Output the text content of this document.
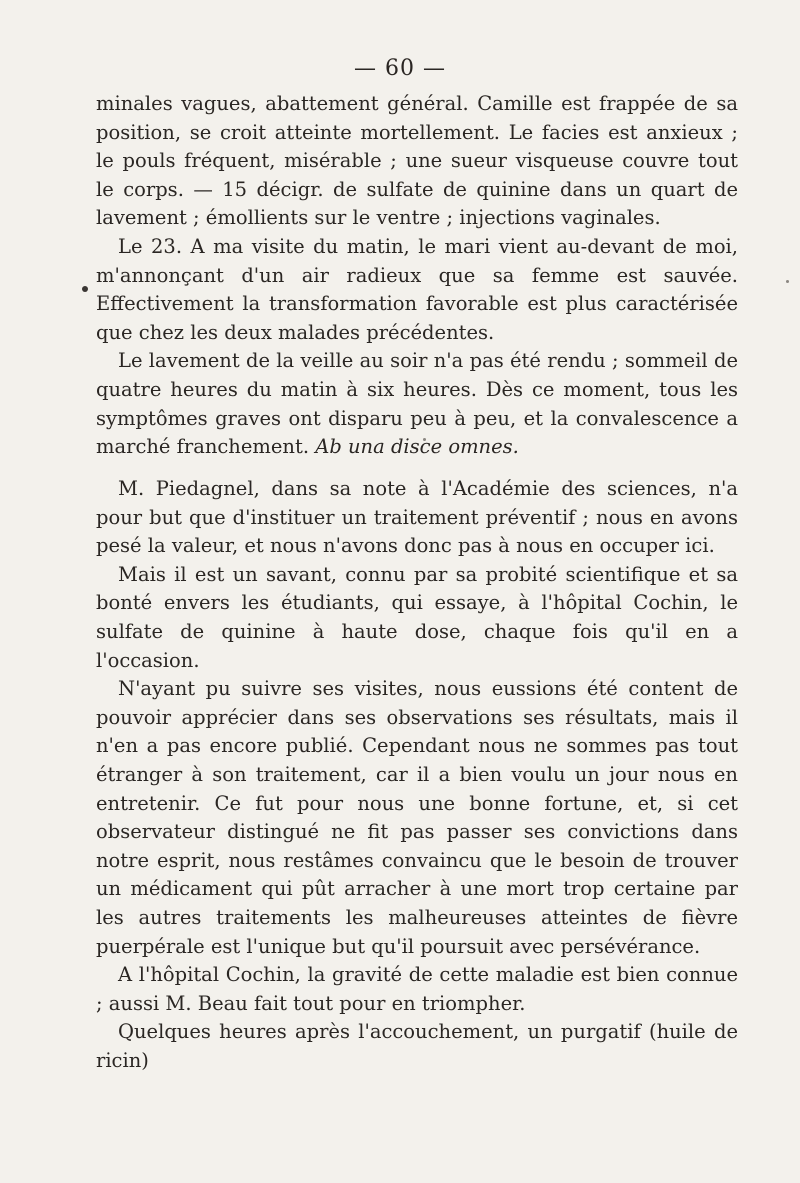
— 60 —

minales vagues, abattement général. Camille est frappée de sa position, se croit atteinte mortellement. Le facies est anxieux ; le pouls fréquent, misérable ; une sueur visqueuse couvre tout le corps. — 15 décigr. de sulfate de quinine dans un quart de lavement ; émollients sur le ventre ; injections vaginales.

Le 23. A ma visite du matin, le mari vient au-devant de moi, m'annonçant d'un air radieux que sa femme est sauvée. Effectivement la transformation favorable est plus caractérisée que chez les deux malades précédentes.

Le lavement de la veille au soir n'a pas été rendu ; sommeil de quatre heures du matin à six heures. Dès ce moment, tous les symptômes graves ont disparu peu à peu, et la convalescence a marché franchement. Ab una disce omnes.

M. Piedagnel, dans sa note à l'Académie des sciences, n'a pour but que d'instituer un traitement préventif ; nous en avons pesé la valeur, et nous n'avons donc pas à nous en occuper ici.

Mais il est un savant, connu par sa probité scientifique et sa bonté envers les étudiants, qui essaye, à l'hôpital Cochin, le sulfate de quinine à haute dose, chaque fois qu'il en a l'occasion.

N'ayant pu suivre ses visites, nous eussions été content de pouvoir apprécier dans ses observations ses résultats, mais il n'en a pas encore publié. Cependant nous ne sommes pas tout étranger à son traitement, car il a bien voulu un jour nous en entretenir. Ce fut pour nous une bonne fortune, et, si cet observateur distingué ne fit pas passer ses convictions dans notre esprit, nous restâmes convaincu que le besoin de trouver un médicament qui pût arracher à une mort trop certaine par les autres traitements les malheureuses atteintes de fièvre puerpérale est l'unique but qu'il poursuit avec persévérance.

A l'hôpital Cochin, la gravité de cette maladie est bien connue ; aussi M. Beau fait tout pour en triompher.

Quelques heures après l'accouchement, un purgatif (huile de ricin)
